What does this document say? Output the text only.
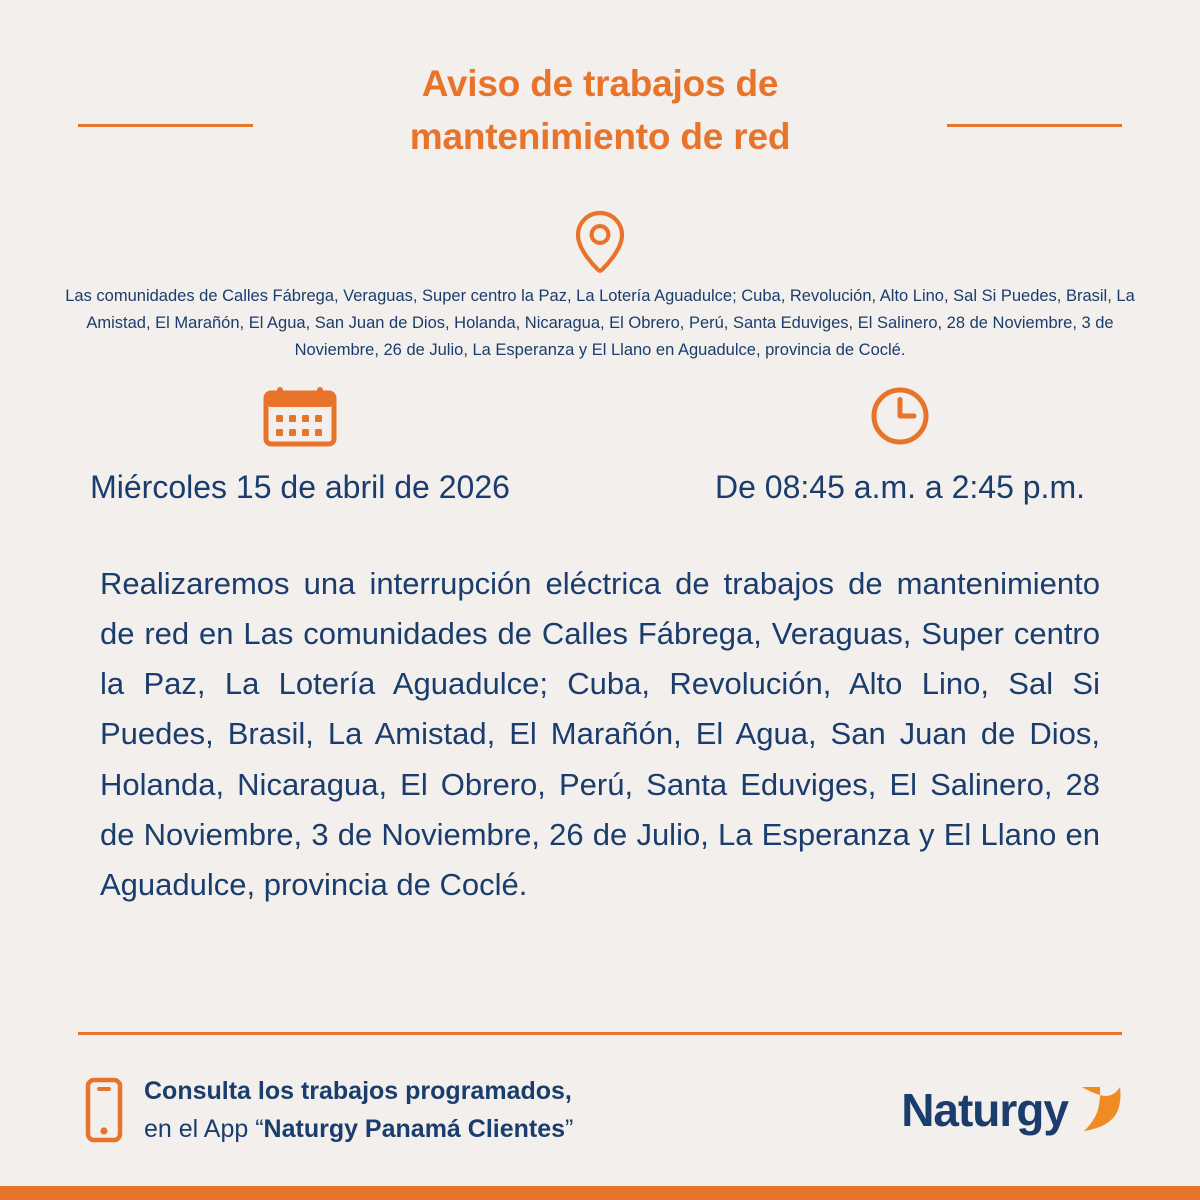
Aviso de trabajos de mantenimiento de red
Las comunidades de Calles Fábrega, Veraguas, Super centro la Paz, La Lotería Aguadulce; Cuba, Revolución, Alto Lino, Sal Si Puedes, Brasil, La Amistad, El Marañón, El Agua, San Juan de Dios, Holanda, Nicaragua, El Obrero, Perú, Santa Eduviges, El Salinero, 28 de Noviembre, 3 de Noviembre, 26 de Julio, La Esperanza y El Llano en Aguadulce, provincia de Coclé.
Miércoles 15 de abril de 2026	De 08:45 a.m. a 2:45 p.m.
Realizaremos una interrupción eléctrica de trabajos de mantenimiento de red en Las comunidades de Calles Fábrega, Veraguas, Super centro la Paz, La Lotería Aguadulce; Cuba, Revolución, Alto Lino, Sal Si Puedes, Brasil, La Amistad, El Marañón, El Agua, San Juan de Dios, Holanda, Nicaragua, El Obrero, Perú, Santa Eduviges, El Salinero, 28 de Noviembre, 3 de Noviembre, 26 de Julio, La Esperanza y El Llano en Aguadulce, provincia de Coclé.
Consulta los trabajos programados,
en el App “Naturgy Panamá Clientes”	Naturgy
